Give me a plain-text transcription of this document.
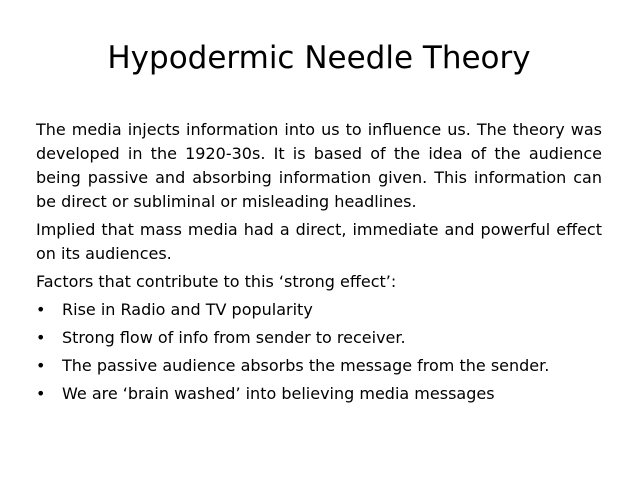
Hypodermic Needle Theory

The media injects information into us to influence us. The theory was developed in the 1920-30s. It is based of the idea of the audience being passive and absorbing information given. This information can be direct or subliminal or misleading headlines.

Implied that mass media had a direct, immediate and powerful effect on its audiences.

Factors that contribute to this ‘strong effect’:

• Rise in Radio and TV popularity
• Strong flow of info from sender to receiver.
• The passive audience absorbs the message from the sender.
• We are ‘brain washed’ into believing media messages
